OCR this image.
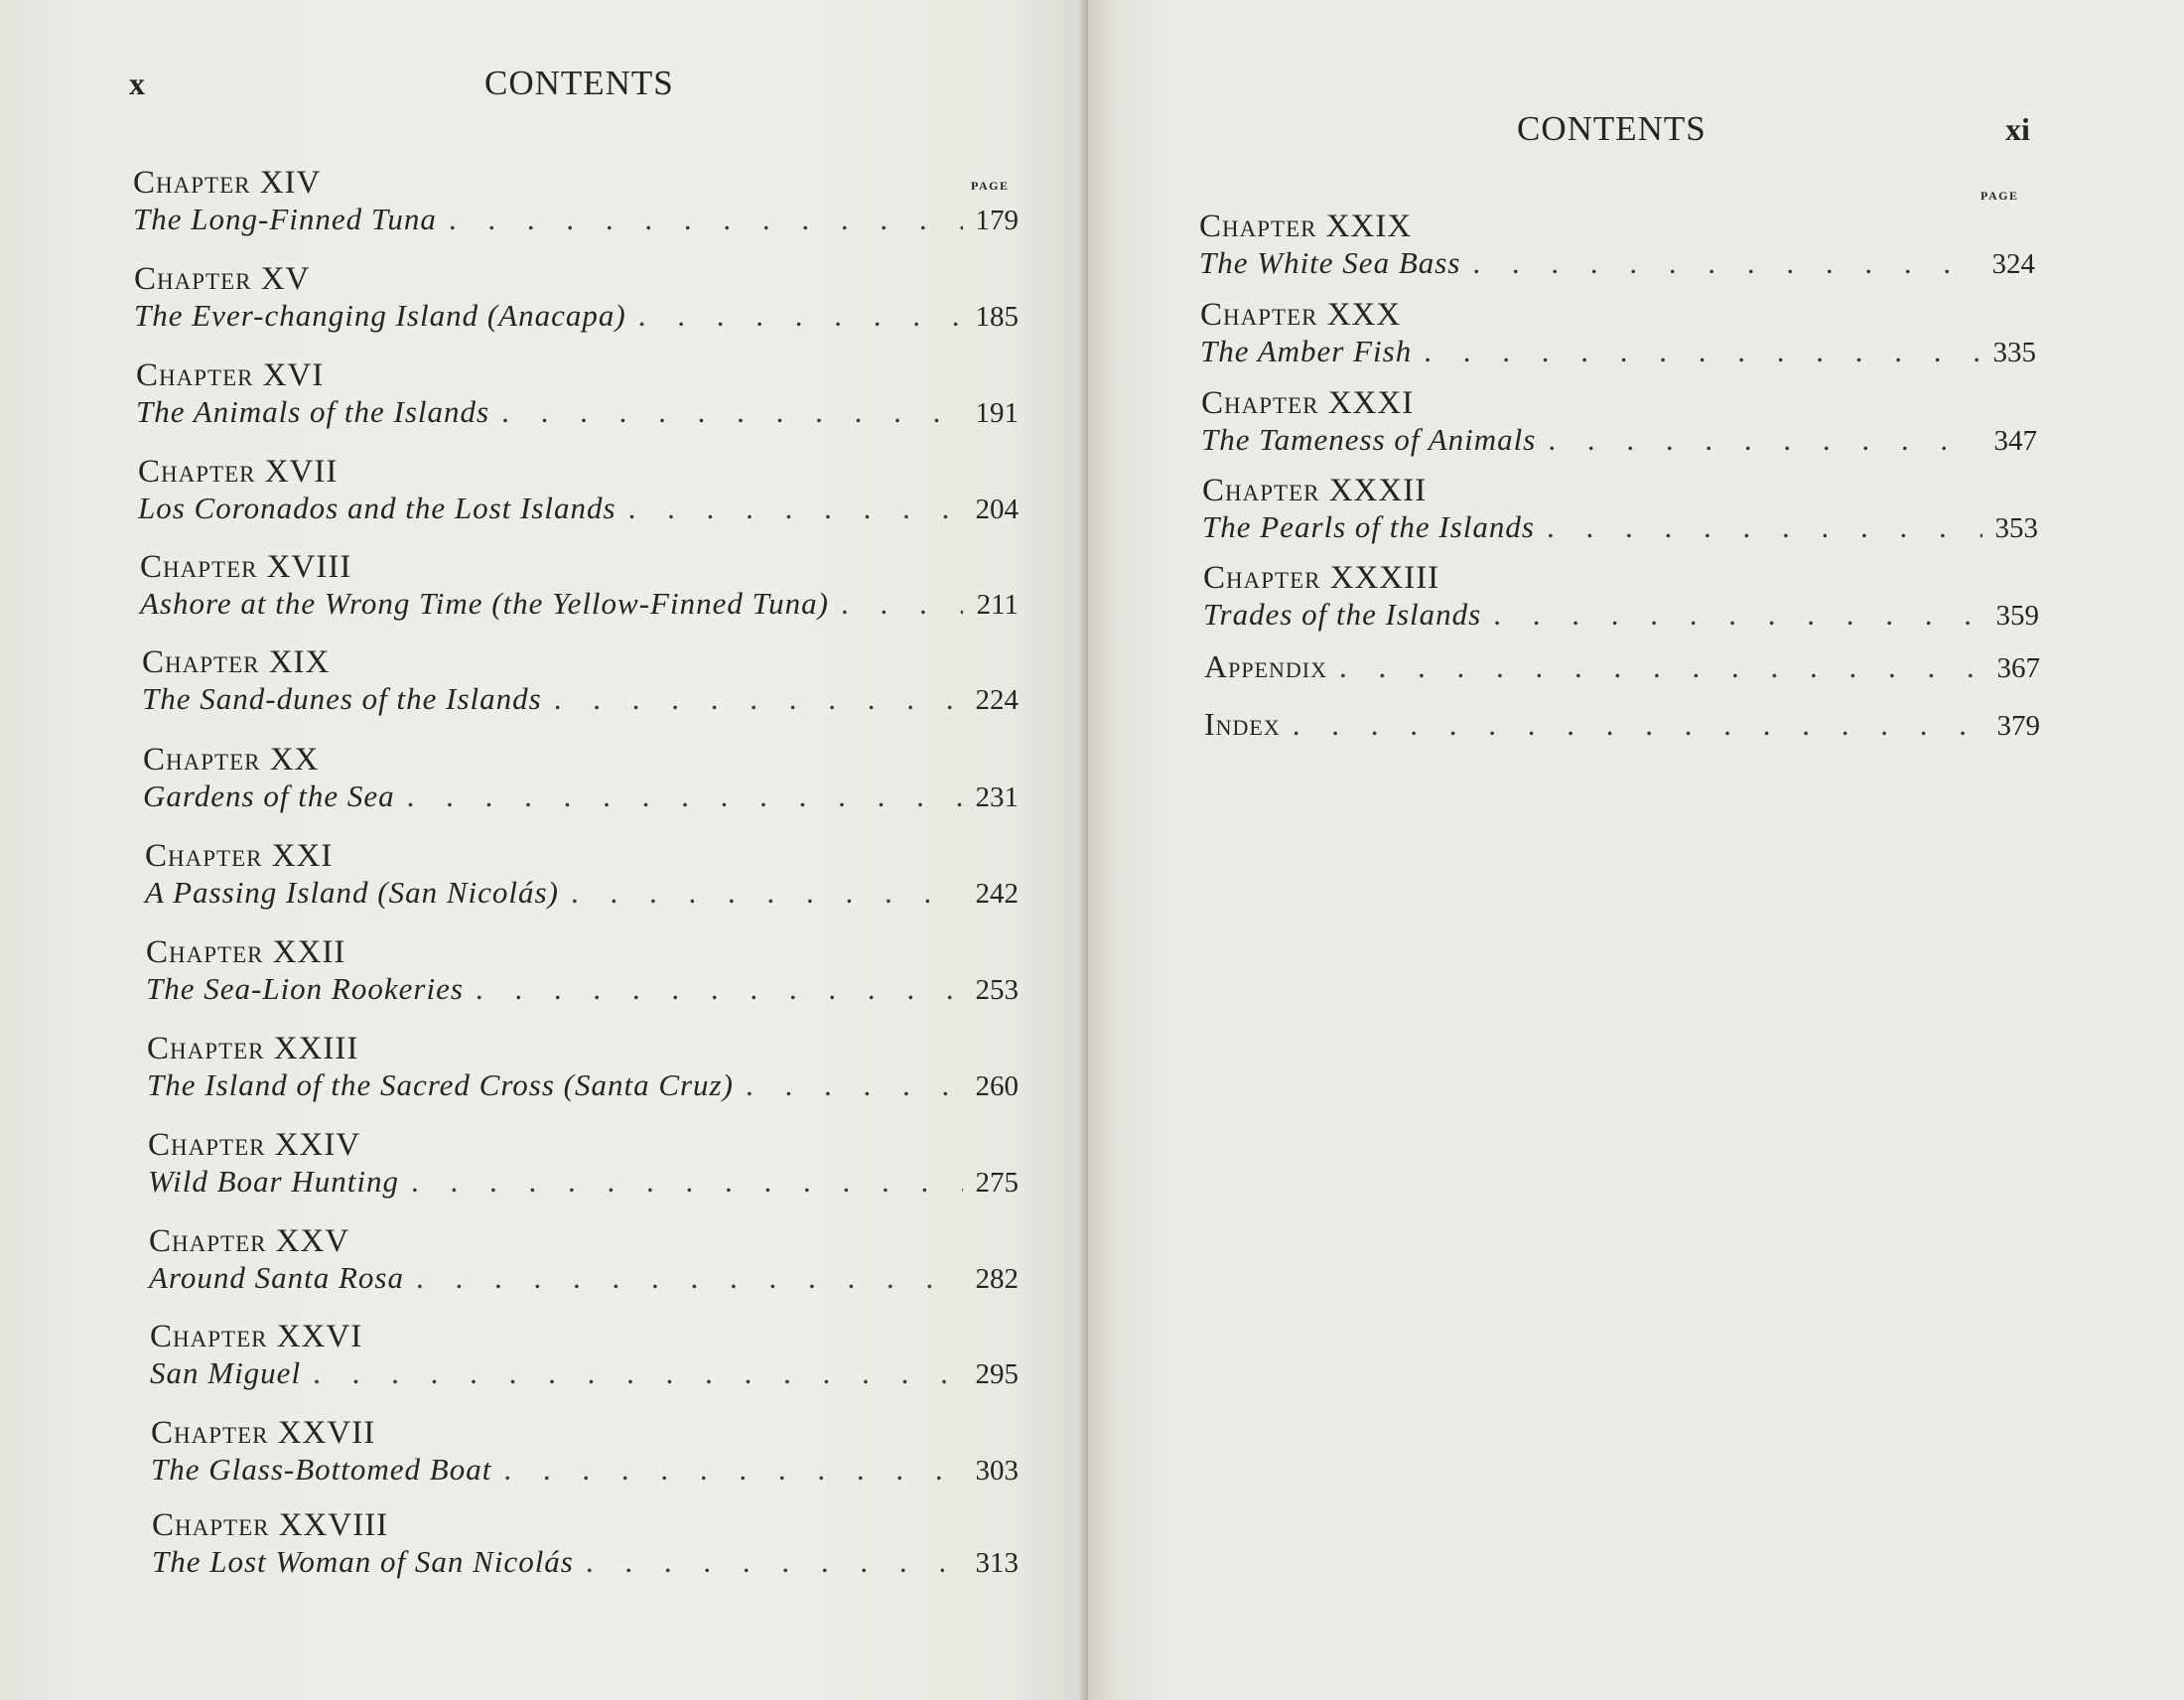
x	CONTENTS
page
Chapter XIV
The Long-Finned Tuna . . .	179
Chapter XV
The Ever-changing Island (Anacapa) . . .	185
Chapter XVI
The Animals of the Islands . . .	191
Chapter XVII
Los Coronados and the Lost Islands . . .	204
Chapter XVIII
Ashore at the Wrong Time (the Yellow-Finned Tuna) . . .	211
Chapter XIX
The Sand-dunes of the Islands . . .	224
Chapter XX
Gardens of the Sea . . .	231
Chapter XXI
A Passing Island (San Nicolás) . . .	242
Chapter XXII
The Sea-Lion Rookeries . . .	253
Chapter XXIII
The Island of the Sacred Cross (Santa Cruz) . . .	260
Chapter XXIV
Wild Boar Hunting . . .	275
Chapter XXV
Around Santa Rosa . . .	282
Chapter XXVI
San Miguel . . .	295
Chapter XXVII
The Glass-Bottomed Boat . . .	303
Chapter XXVIII
The Lost Woman of San Nicolás . . .	313
CONTENTS	xi
page
Chapter XXIX
The White Sea Bass . . .	324
Chapter XXX
The Amber Fish . . .	335
Chapter XXXI
The Tameness of Animals . . .	347
Chapter XXXII
The Pearls of the Islands . . .	353
Chapter XXXIII
Trades of the Islands . . .	359
Appendix . . .	367
Index . . .	379
